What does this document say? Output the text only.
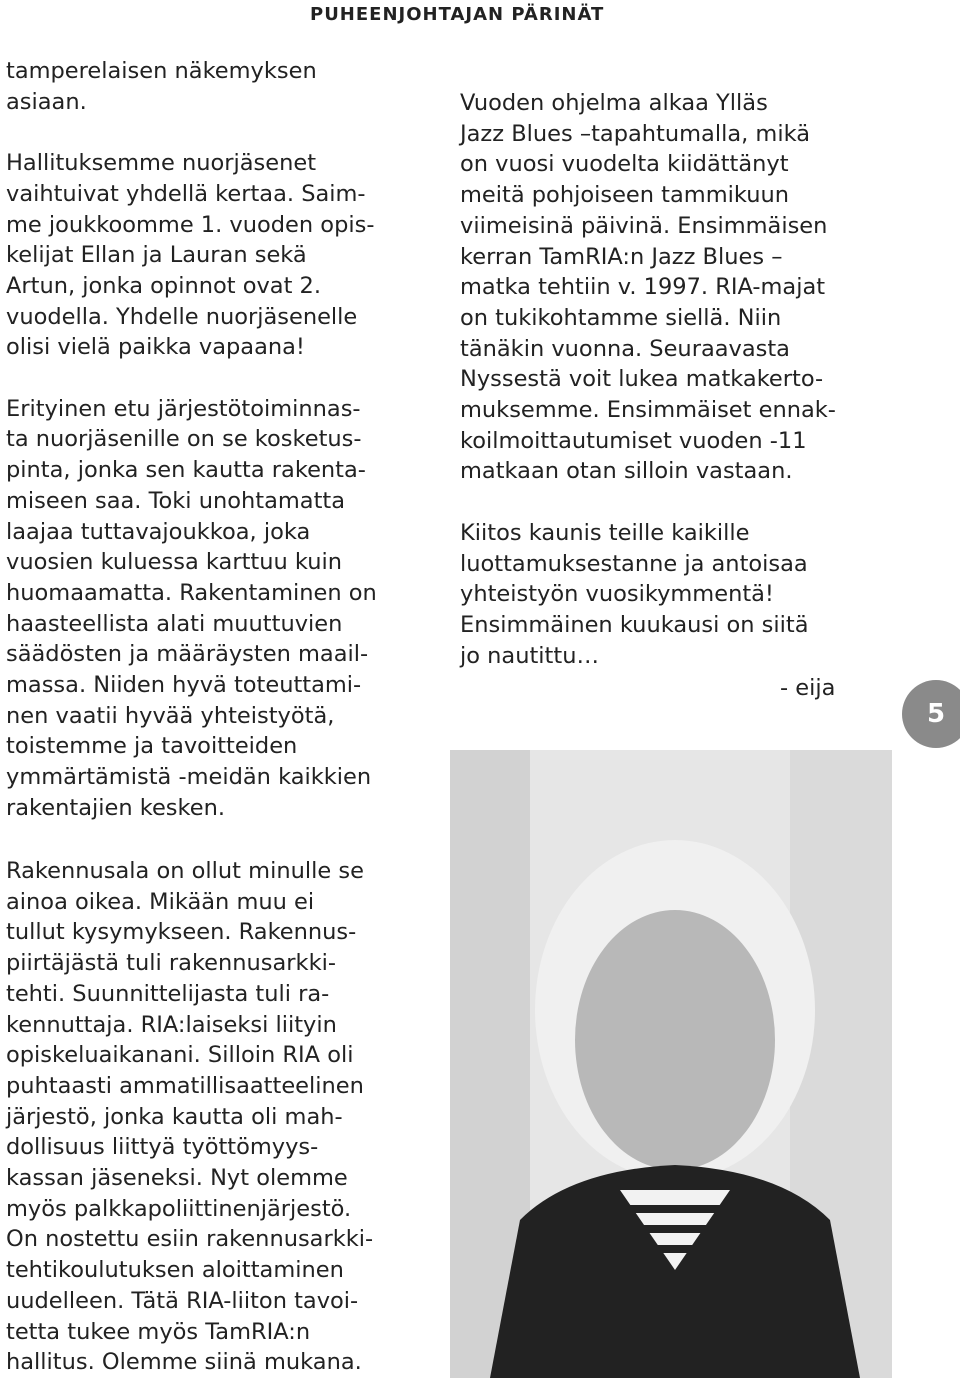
PUHEENJOHTAJAN PÄRINÄT

tamperelaisen näkemyksen
asiaan.

Hallituksemme nuorjäsenet
vaihtuivat yhdellä kertaa. Saim-
me joukkoomme 1. vuoden opis-
kelijat Ellan ja Lauran sekä
Artun, jonka opinnot ovat 2.
vuodella. Yhdelle nuorjäsenelle
olisi vielä paikka vapaana!

Erityinen etu järjestötoiminnas-
ta nuorjäsenille on se kosketus-
pinta, jonka sen kautta rakenta-
miseen saa. Toki unohtamatta
laajaa tuttavajoukkoa, joka
vuosien kuluessa karttuu kuin
huomaamatta. Rakentaminen on
haasteellista alati muuttuvien
säädösten ja määräysten maail-
massa. Niiden hyvä toteuttami-
nen vaatii hyvää yhteistyötä,
toistemme ja tavoitteiden
ymmärtämistä -meidän kaikkien
rakentajien kesken.

Rakennusala on ollut minulle se
ainoa oikea. Mikään muu ei
tullut kysymykseen. Rakennus-
piirtäjästä tuli rakennusarkki-
tehti. Suunnittelijasta tuli ra-
kennuttaja. RIA:laiseksi liityin
opiskeluaikanani. Silloin RIA oli
puhtaasti ammatillisaatteelinen
järjestö, jonka kautta oli mah-
dollisuus liittyä työttömyys-
kassan jäseneksi. Nyt olemme
myös palkkapoliittinenjärjestö.
On nostettu esiin rakennusarkki-
tehtikoulutuksen aloittaminen
uudelleen. Tätä RIA-liiton tavoi-
tetta tukee myös TamRIA:n
hallitus. Olemme siinä mukana.

Vuoden ohjelma alkaa Ylläs
Jazz Blues –tapahtumalla, mikä
on vuosi vuodelta kiidättänyt
meitä pohjoiseen tammikuun
viimeisinä päivinä. Ensimmäisen
kerran TamRIA:n Jazz Blues –
matka tehtiin v. 1997. RIA-majat
on tukikohtamme siellä. Niin
tänäkin vuonna. Seuraavasta
Nyssestä voit lukea matkakerto-
muksemme. Ensimmäiset ennak-
koilmoittautumiset vuoden -11
matkaan otan silloin vastaan.

Kiitos kaunis teille kaikille
luottamuksestanne ja antoisaa
yhteistyön vuosikymmentä!
Ensimmäinen kuukausi on siitä
jo nautittu…

- eija
5
